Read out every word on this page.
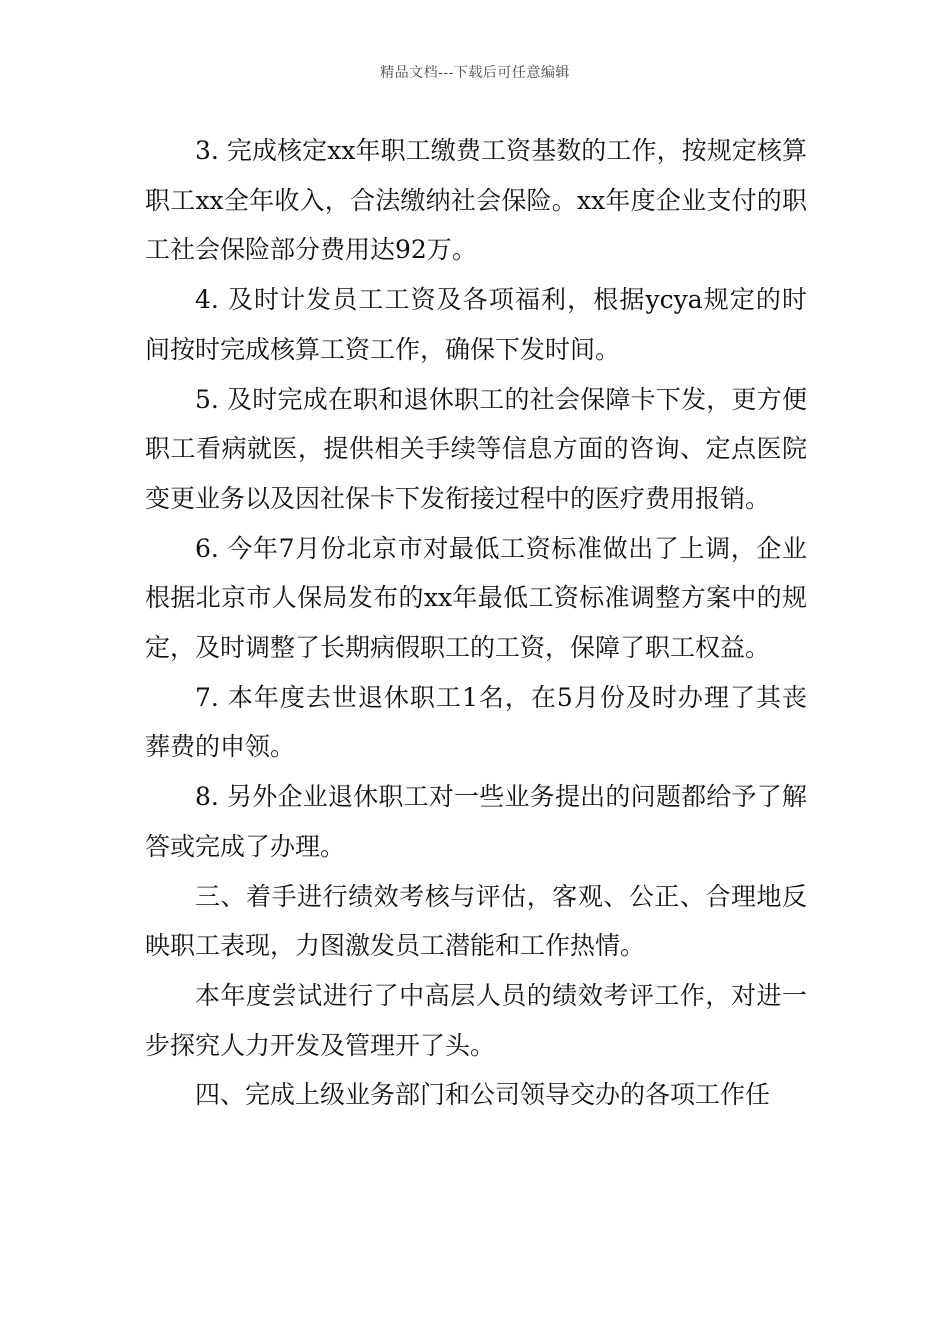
精品文档---下载后可任意编辑

3. 完成核定xx年职工缴费工资基数的工作，按规定核算职工xx全年收入，合法缴纳社会保险。xx年度企业支付的职工社会保险部分费用达92万。

4. 及时计发员工工资及各项福利，根据ycya规定的时间按时完成核算工资工作，确保下发时间。

5. 及时完成在职和退休职工的社会保障卡下发，更方便职工看病就医，提供相关手续等信息方面的咨询、定点医院变更业务以及因社保卡下发衔接过程中的医疗费用报销。

6. 今年7月份北京市对最低工资标准做出了上调，企业根据北京市人保局发布的xx年最低工资标准调整方案中的规定，及时调整了长期病假职工的工资，保障了职工权益。

7. 本年度去世退休职工1名，在5月份及时办理了其丧葬费的申领。

8. 另外企业退休职工对一些业务提出的问题都给予了解答或完成了办理。

三、着手进行绩效考核与评估，客观、公正、合理地反映职工表现，力图激发员工潜能和工作热情。

本年度尝试进行了中高层人员的绩效考评工作，对进一步探究人力开发及管理开了头。

四、完成上级业务部门和公司领导交办的各项工作任
